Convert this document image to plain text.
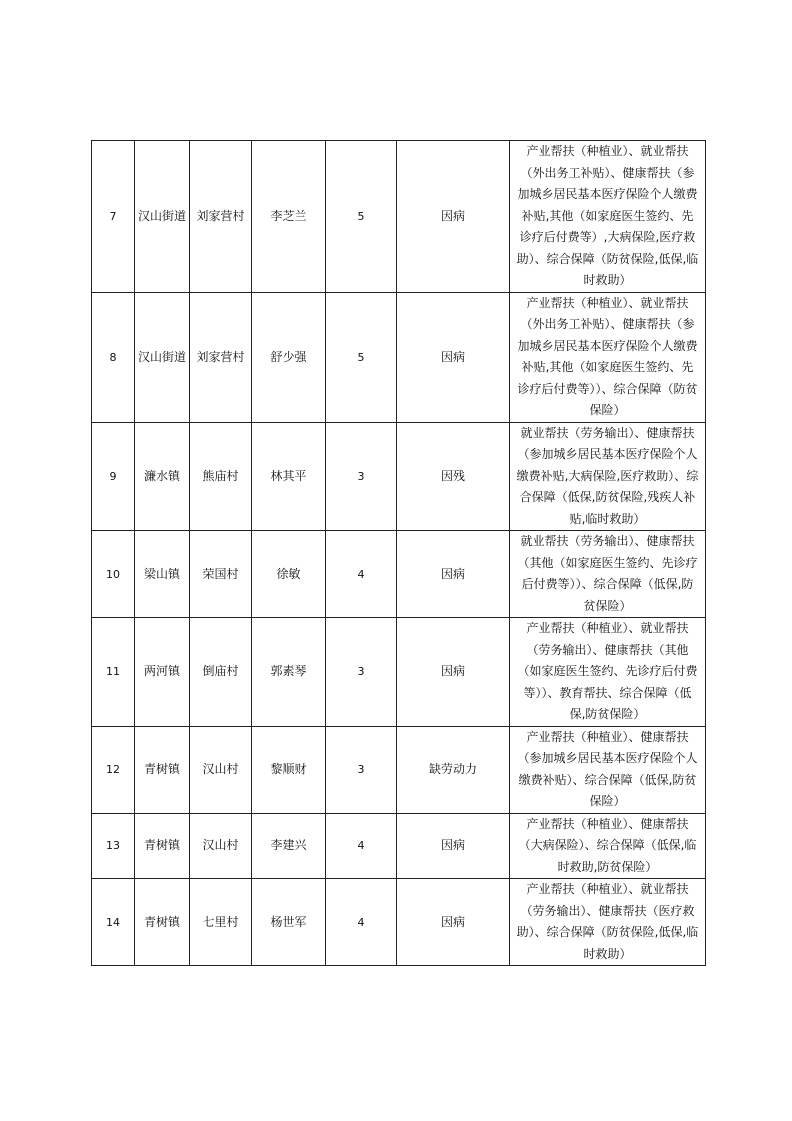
7	汉山街道	刘家营村	李芝兰	5	因病	产业帮扶（种植业）、就业帮扶（外出务工补贴）、健康帮扶（参加城乡居民基本医疗保险个人缴费补贴,其他（如家庭医生签约、先诊疗后付费等）,大病保险,医疗救助）、综合保障（防贫保险,低保,临时救助）
8	汉山街道	刘家营村	舒少强	5	因病	产业帮扶（种植业）、就业帮扶（外出务工补贴）、健康帮扶（参加城乡居民基本医疗保险个人缴费补贴,其他（如家庭医生签约、先诊疗后付费等））、综合保障（防贫保险）
9	濂水镇	熊庙村	林其平	3	因残	就业帮扶（劳务输出）、健康帮扶（参加城乡居民基本医疗保险个人缴费补贴,大病保险,医疗救助）、综合保障（低保,防贫保险,残疾人补贴,临时救助）
10	梁山镇	荣国村	徐敏	4	因病	就业帮扶（劳务输出）、健康帮扶（其他（如家庭医生签约、先诊疗后付费等））、综合保障（低保,防贫保险）
11	两河镇	倒庙村	郭素琴	3	因病	产业帮扶（种植业）、就业帮扶（劳务输出）、健康帮扶（其他（如家庭医生签约、先诊疗后付费等））、教育帮扶、综合保障（低保,防贫保险）
12	青树镇	汉山村	黎顺财	3	缺劳动力	产业帮扶（种植业）、健康帮扶（参加城乡居民基本医疗保险个人缴费补贴）、综合保障（低保,防贫保险）
13	青树镇	汉山村	李建兴	4	因病	产业帮扶（种植业）、健康帮扶（大病保险）、综合保障（低保,临时救助,防贫保险）
14	青树镇	七里村	杨世军	4	因病	产业帮扶（种植业）、就业帮扶（劳务输出）、健康帮扶（医疗救助）、综合保障（防贫保险,低保,临时救助）
